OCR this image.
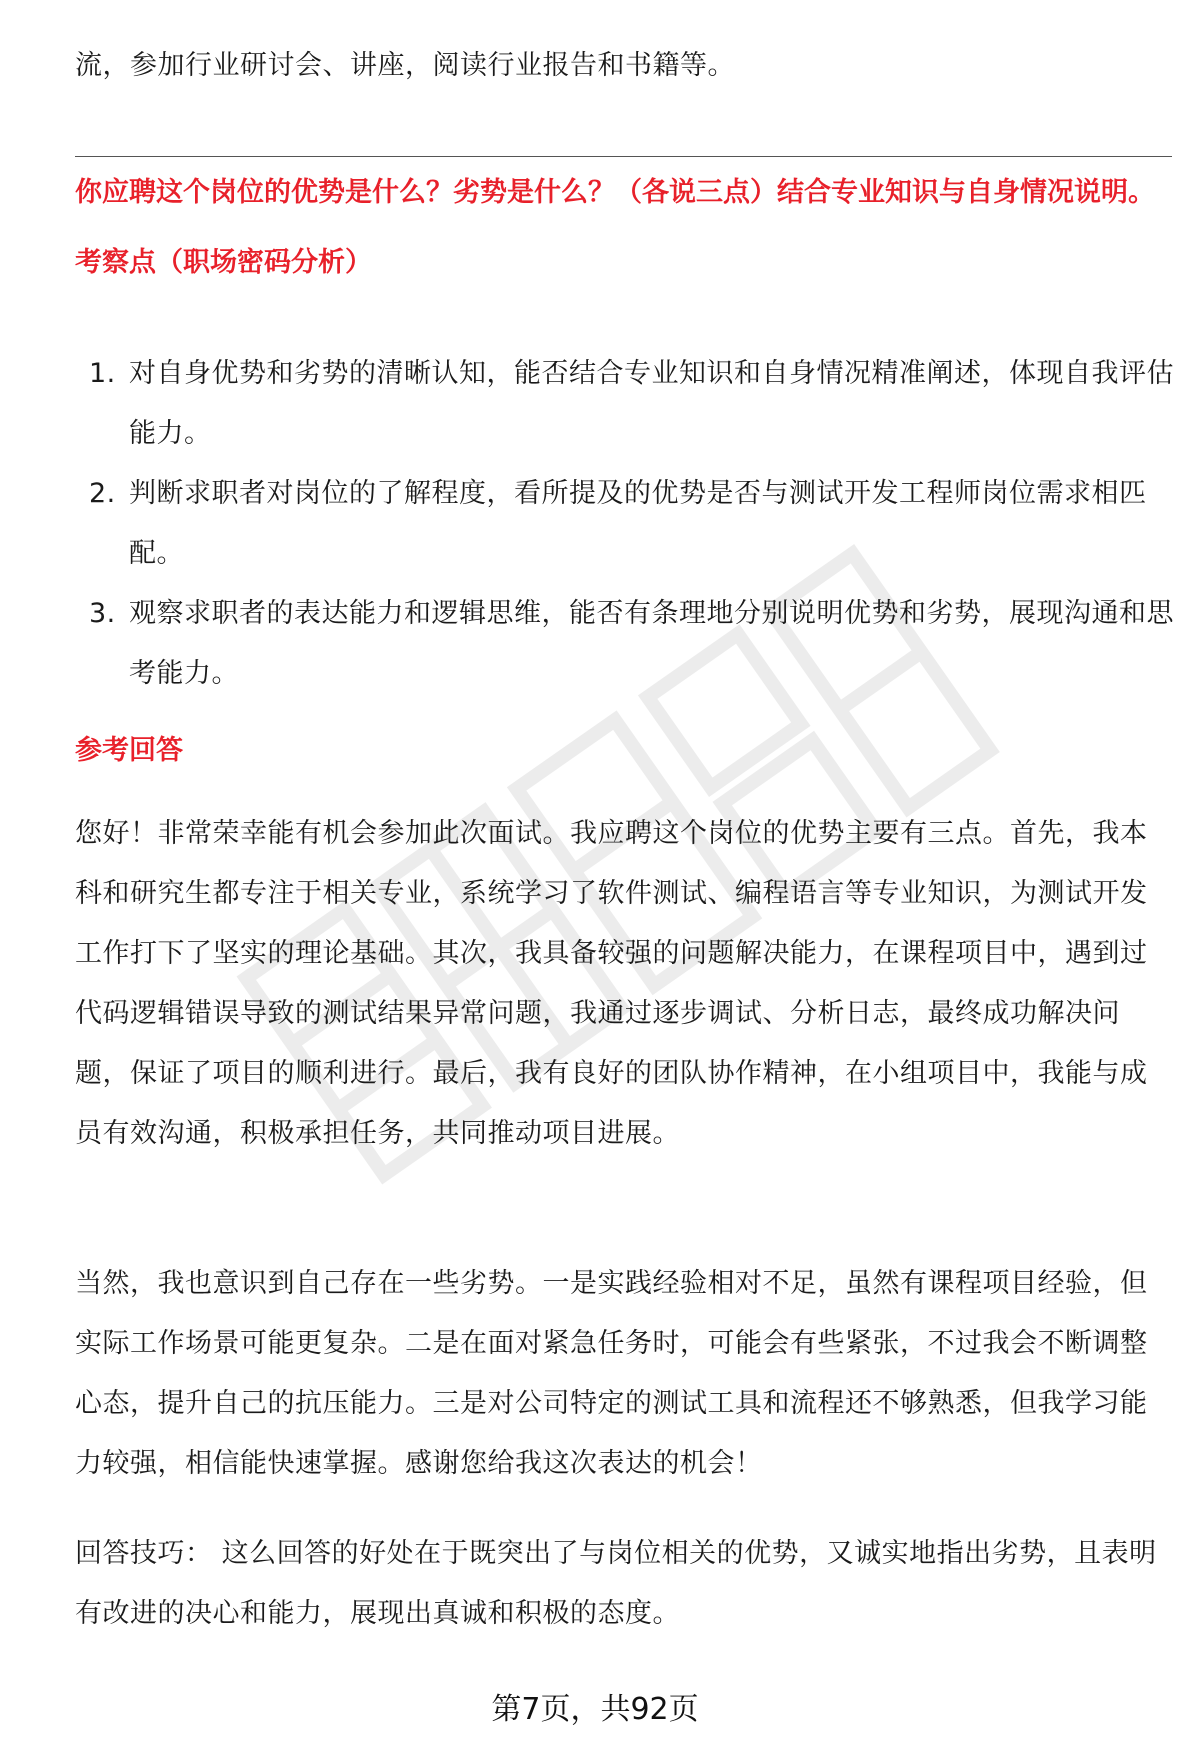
流，参加行业研讨会、讲座，阅读行业报告和书籍等。
你应聘这个岗位的优势是什么？劣势是什么？（各说三点）结合专业知识与自身情况说明。
考察点（职场密码分析）
1. 对自身优势和劣势的清晰认知，能否结合专业知识和自身情况精准阐述，体现自我评估能力。
2. 判断求职者对岗位的了解程度，看所提及的优势是否与测试开发工程师岗位需求相匹配。
3. 观察求职者的表达能力和逻辑思维，能否有条理地分别说明优势和劣势，展现沟通和思考能力。
参考回答

您好！非常荣幸能有机会参加此次面试。我应聘这个岗位的优势主要有三点。首先，我本科和研究生都专注于相关专业，系统学习了软件测试、编程语言等专业知识，为测试开发工作打下了坚实的理论基础。其次，我具备较强的问题解决能力，在课程项目中，遇到过代码逻辑错误导致的测试结果异常问题，我通过逐步调试、分析日志，最终成功解决问题，保证了项目的顺利进行。最后，我有良好的团队协作精神，在小组项目中，我能与成员有效沟通，积极承担任务，共同推动项目进展。

当然，我也意识到自己存在一些劣势。一是实践经验相对不足，虽然有课程项目经验，但实际工作场景可能更复杂。二是在面对紧急任务时，可能会有些紧张，不过我会不断调整心态，提升自己的抗压能力。三是对公司特定的测试工具和流程还不够熟悉，但我学习能力较强，相信能快速掌握。感谢您给我这次表达的机会！

回答技巧： 这么回答的好处在于既突出了与岗位相关的优势，又诚实地指出劣势，且表明有改进的决心和能力，展现出真诚和积极的态度。

第7页，共92页
